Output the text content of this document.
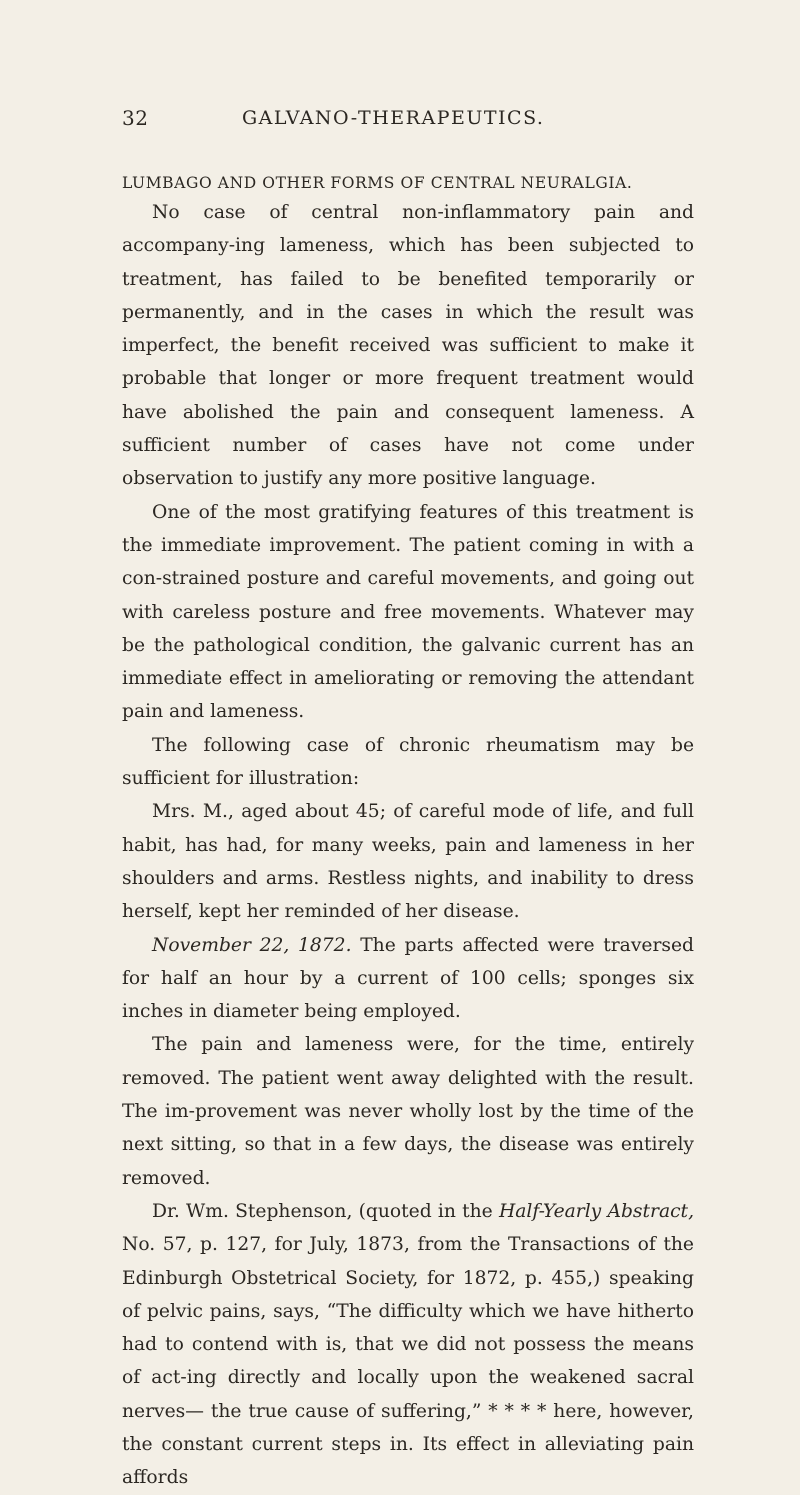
32	GALVANO-THERAPEUTICS.
LUMBAGO AND OTHER FORMS OF CENTRAL NEURALGIA.

No case of central non-inflammatory pain and accompany-ing lameness, which has been subjected to treatment, has failed to be benefited temporarily or permanently, and in the cases in which the result was imperfect, the benefit received was sufficient to make it probable that longer or more frequent treatment would have abolished the pain and consequent lameness. A sufficient number of cases have not come under observation to justify any more positive language.

One of the most gratifying features of this treatment is the immediate improvement. The patient coming in with a con-strained posture and careful movements, and going out with careless posture and free movements. Whatever may be the pathological condition, the galvanic current has an immediate effect in ameliorating or removing the attendant pain and lameness.

The following case of chronic rheumatism may be sufficient for illustration:

Mrs. M., aged about 45; of careful mode of life, and full habit, has had, for many weeks, pain and lameness in her shoulders and arms. Restless nights, and inability to dress herself, kept her reminded of her disease.

November 22, 1872. The parts affected were traversed for half an hour by a current of 100 cells; sponges six inches in diameter being employed.

The pain and lameness were, for the time, entirely removed. The patient went away delighted with the result. The im-provement was never wholly lost by the time of the next sitting, so that in a few days, the disease was entirely removed.

Dr. Wm. Stephenson, (quoted in the Half-Yearly Abstract, No. 57, p. 127, for July, 1873, from the Transactions of the Edinburgh Obstetrical Society, for 1872, p. 455,) speaking of pelvic pains, says, “The difficulty which we have hitherto had to contend with is, that we did not possess the means of act-ing directly and locally upon the weakened sacral nerves— the true cause of suffering,” * * * * here, however, the constant current steps in. Its effect in alleviating pain affords
